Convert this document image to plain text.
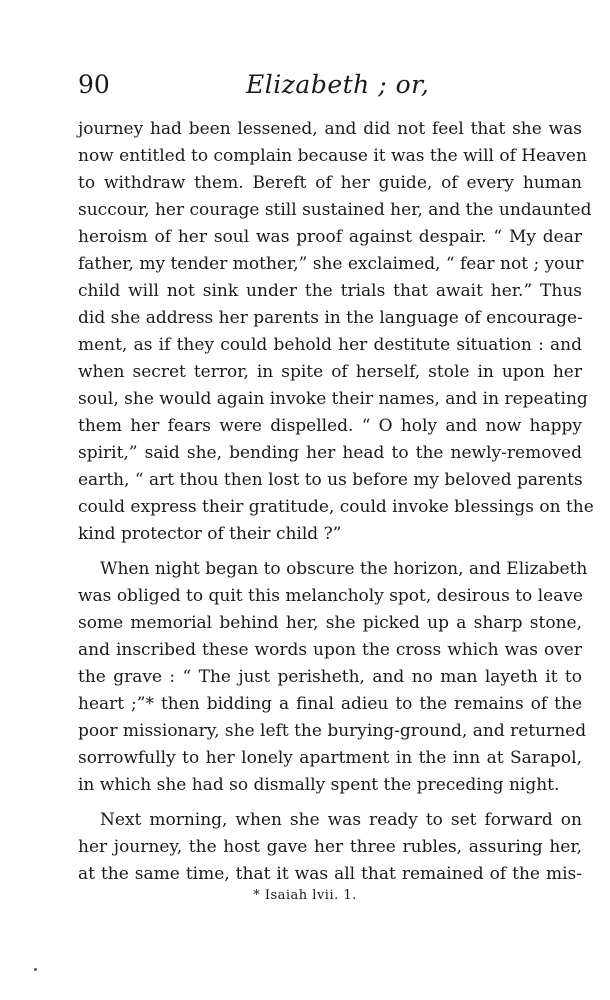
90	Elizabeth ; or,
journey had been lessened, and did not feel that she was
now entitled to complain because it was the will of Heaven
to withdraw them. Bereft of her guide, of every human
succour, her courage still sustained her, and the undaunted
heroism of her soul was proof against despair. “ My dear
father, my tender mother,” she exclaimed, “ fear not ; your
child will not sink under the trials that await her.” Thus
did she address her parents in the language of encourage-
ment, as if they could behold her destitute situation : and
when secret terror, in spite of herself, stole in upon her
soul, she would again invoke their names, and in repeating
them her fears were dispelled. “ O holy and now happy
spirit,” said she, bending her head to the newly-removed
earth, “ art thou then lost to us before my beloved parents
could express their gratitude, could invoke blessings on the
kind protector of their child ?”
When night began to obscure the horizon, and Elizabeth
was obliged to quit this melancholy spot, desirous to leave
some memorial behind her, she picked up a sharp stone,
and inscribed these words upon the cross which was over
the grave : “ The just perisheth, and no man layeth it to
heart ;”* then bidding a final adieu to the remains of the
poor missionary, she left the burying-ground, and returned
sorrowfully to her lonely apartment in the inn at Sarapol,
in which she had so dismally spent the preceding night.
Next morning, when she was ready to set forward on
her journey, the host gave her three rubles, assuring her,
at the same time, that it was all that remained of the mis-
* Isaiah lvii. 1.
